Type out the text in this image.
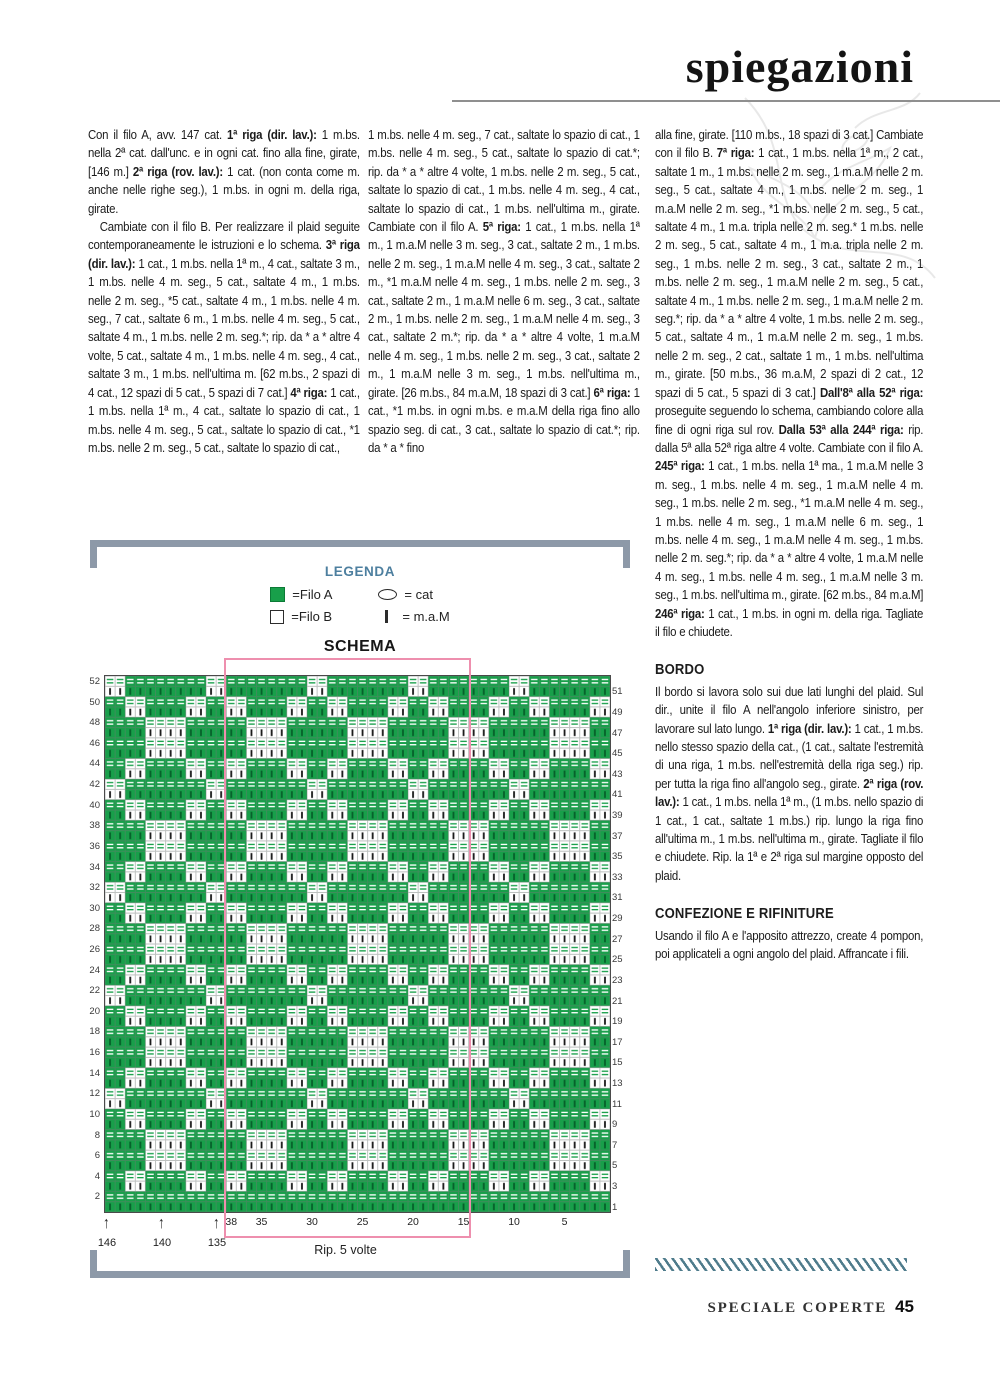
spiegazioni
Con il filo A, avv. 147 cat. 1ª riga (dir. lav.): 1 m.bs. nella 2ª cat. dall'unc. e in ogni cat. fino alla fine, girate, [146 m.] 2ª riga (rov. lav.): 1 cat. (non conta come m. anche nelle righe seg.), 1 m.bs. in ogni m. della riga, girate.
Cambiate con il filo B. Per realizzare il plaid seguite contemporaneamente le istruzioni e lo schema. 3ª riga (dir. lav.): 1 cat., 1 m.bs. nella 1ª m., 4 cat., saltate 3 m., 1 m.bs. nelle 4 m. seg., 5 cat., saltate 4 m., 1 m.bs. nelle 2 m. seg., *5 cat., saltate 4 m., 1 m.bs. nelle 4 m. seg., 7 cat., saltate 6 m., 1 m.bs. nelle 4 m. seg., 5 cat., saltate 4 m., 1 m.bs. nelle 2 m. seg.*; rip. da * a * altre 4 volte, 5 cat., saltate 4 m., 1 m.bs. nelle 4 m. seg., 4 cat., saltate 3 m., 1 m.bs. nell'ultima m. [62 m.bs., 2 spazi di 4 cat., 12 spazi di 5 cat., 5 spazi di 7 cat.] 4ª riga: 1 cat., 1 m.bs. nella 1ª m., 4 cat., saltate lo spazio di cat., 1 m.bs. nelle 4 m. seg., 5 cat., saltate lo spazio di cat., *1 m.bs. nelle 2 m. seg., 5 cat., saltate lo spazio di cat.,
1 m.bs. nelle 4 m. seg., 7 cat., saltate lo spazio di cat., 1 m.bs. nelle 4 m. seg., 5 cat., saltate lo spazio di cat.*; rip. da * a * altre 4 volte, 1 m.bs. nelle 2 m. seg., 5 cat., saltate lo spazio di cat., 1 m.bs. nelle 4 m. seg., 4 cat., saltate lo spazio di cat., 1 m.bs. nell'ultima m., girate. Cambiate con il filo A. 5ª riga: 1 cat., 1 m.bs. nella 1ª m., 1 m.a.M nelle 3 m. seg., 3 cat., saltate 2 m., 1 m.bs. nelle 2 m. seg., 1 m.a.M nelle 4 m. seg., 3 cat., saltate 2 m., *1 m.a.M nelle 4 m. seg., 1 m.bs. nelle 2 m. seg., 3 cat., saltate 2 m., 1 m.a.M nelle 6 m. seg., 3 cat., saltate 2 m., 1 m.bs. nelle 2 m. seg., 1 m.a.M nelle 4 m. seg., 3 cat., saltate 2 m.*; rip. da * a * altre 4 volte, 1 m.a.M nelle 4 m. seg., 1 m.bs. nelle 2 m. seg., 3 cat., saltate 2 m., 1 m.a.M nelle 3 m. seg., 1 m.bs. nell'ultima m., girate. [26 m.bs., 84 m.a.M, 18 spazi di 3 cat.] 6ª riga: 1 cat., *1 m.bs. in ogni m.bs. e m.a.M della riga fino allo spazio seg. di cat., 3 cat., saltate lo spazio di cat.*; rip. da * a * fino
alla fine, girate. [110 m.bs., 18 spazi di 3 cat.] Cambiate con il filo B. 7ª riga: 1 cat., 1 m.bs. nella 1ª m., 2 cat., saltate 1 m., 1 m.bs. nelle 2 m. seg., 1 m.a.M nelle 2 m. seg., 5 cat., saltate 4 m., 1 m.bs. nelle 2 m. seg., 1 m.a.M nelle 2 m. seg., *1 m.bs. nelle 2 m. seg., 5 cat., saltate 4 m., 1 m.a. tripla nelle 2 m. seg.* 1 m.bs. nelle 2 m. seg., 5 cat., saltate 4 m., 1 m.a. tripla nelle 2 m. seg., 1 m.bs. nelle 2 m. seg., 3 cat., saltate 2 m., 1 m.bs. nelle 2 m. seg., 1 m.a.M nelle 2 m. seg., 5 cat., saltate 4 m., 1 m.bs. nelle 2 m. seg., 1 m.a.M nelle 2 m. seg.*; rip. da * a * altre 4 volte, 1 m.bs. nelle 2 m. seg., 5 cat., saltate 4 m., 1 m.a.M nelle 2 m. seg., 1 m.bs. nelle 2 m. seg., 2 cat., saltate 1 m., 1 m.bs. nell'ultima m., girate. [50 m.bs., 36 m.a.M, 2 spazi di 2 cat., 12 spazi di 5 cat., 5 spazi di 3 cat.] Dall'8ª alla 52ª riga: proseguite seguendo lo schema, cambiando colore alla fine di ogni riga sul rov. Dalla 53ª alla 244ª riga: rip. dalla 5ª alla 52ª riga altre 4 volte. Cambiate con il filo A. 245ª riga: 1 cat., 1 m.bs. nella 1ª ma., 1 m.a.M nelle 3 m. seg., 1 m.bs. nelle 4 m. seg., 1 m.a.M nelle 4 m. seg., 1 m.bs. nelle 2 m. seg., *1 m.a.M nelle 4 m. seg., 1 m.bs. nelle 4 m. seg., 1 m.a.M nelle 6 m. seg., 1 m.bs. nelle 4 m. seg., 1 m.a.M nelle 4 m. seg., 1 m.bs. nelle 2 m. seg.*; rip. da * a * altre 4 volte, 1 m.a.M nelle 4 m. seg., 1 m.bs. nelle 4 m. seg., 1 m.a.M nelle 3 m. seg., 1 m.bs. nell'ultima m., girate. [62 m.bs., 84 m.a.M] 246ª riga: 1 cat., 1 m.bs. in ogni m. della riga. Tagliate il filo e chiudete.
BORDO
Il bordo si lavora solo sui due lati lunghi del plaid. Sul dir., unite il filo A nell'angolo inferiore sinistro, per lavorare sul lato lungo. 1ª riga (dir. lav.): 1 cat., 1 m.bs. nello stesso spazio della cat., (1 cat., saltate l'estremità di una riga, 1 m.bs. nell'estremità della riga seg.) rip. per tutta la riga fino all'angolo seg., girate. 2ª riga (rov. lav.): 1 cat., 1 m.bs. nella 1ª m., (1 m.bs. nello spazio di 1 cat., 1 cat., saltate 1 m.bs.) rip. lungo la riga fino all'ultima m., 1 m.bs. nell'ultima m., girate. Tagliate il filo e chiudete. Rip. la 1ª e 2ª riga sul margine opposto del plaid.
CONFEZIONE E RIFINITURE
Usando il filo A e l'apposito attrezzo, create 4 pompon, poi applicateli a ogni angolo del plaid. Affrancate i fili.
LEGENDA
=Filo A	= cat
=Filo B	= m.a.M
SCHEMA
52
50
48
46
44
42
40
38
36
34
32
30
28
26
24
22
20
18
16
14
12
10
8
6
4
2
51
49
47
45
43
41
39
37
35
33
31
29
27
25
23
21
19
17
15
13
11
9
7
5
3
1
38	35	30	25	20	15	10	5
↑
146
↑
140
↑
135	Rip. 5 volte
SPECIALE COPERTE 45
